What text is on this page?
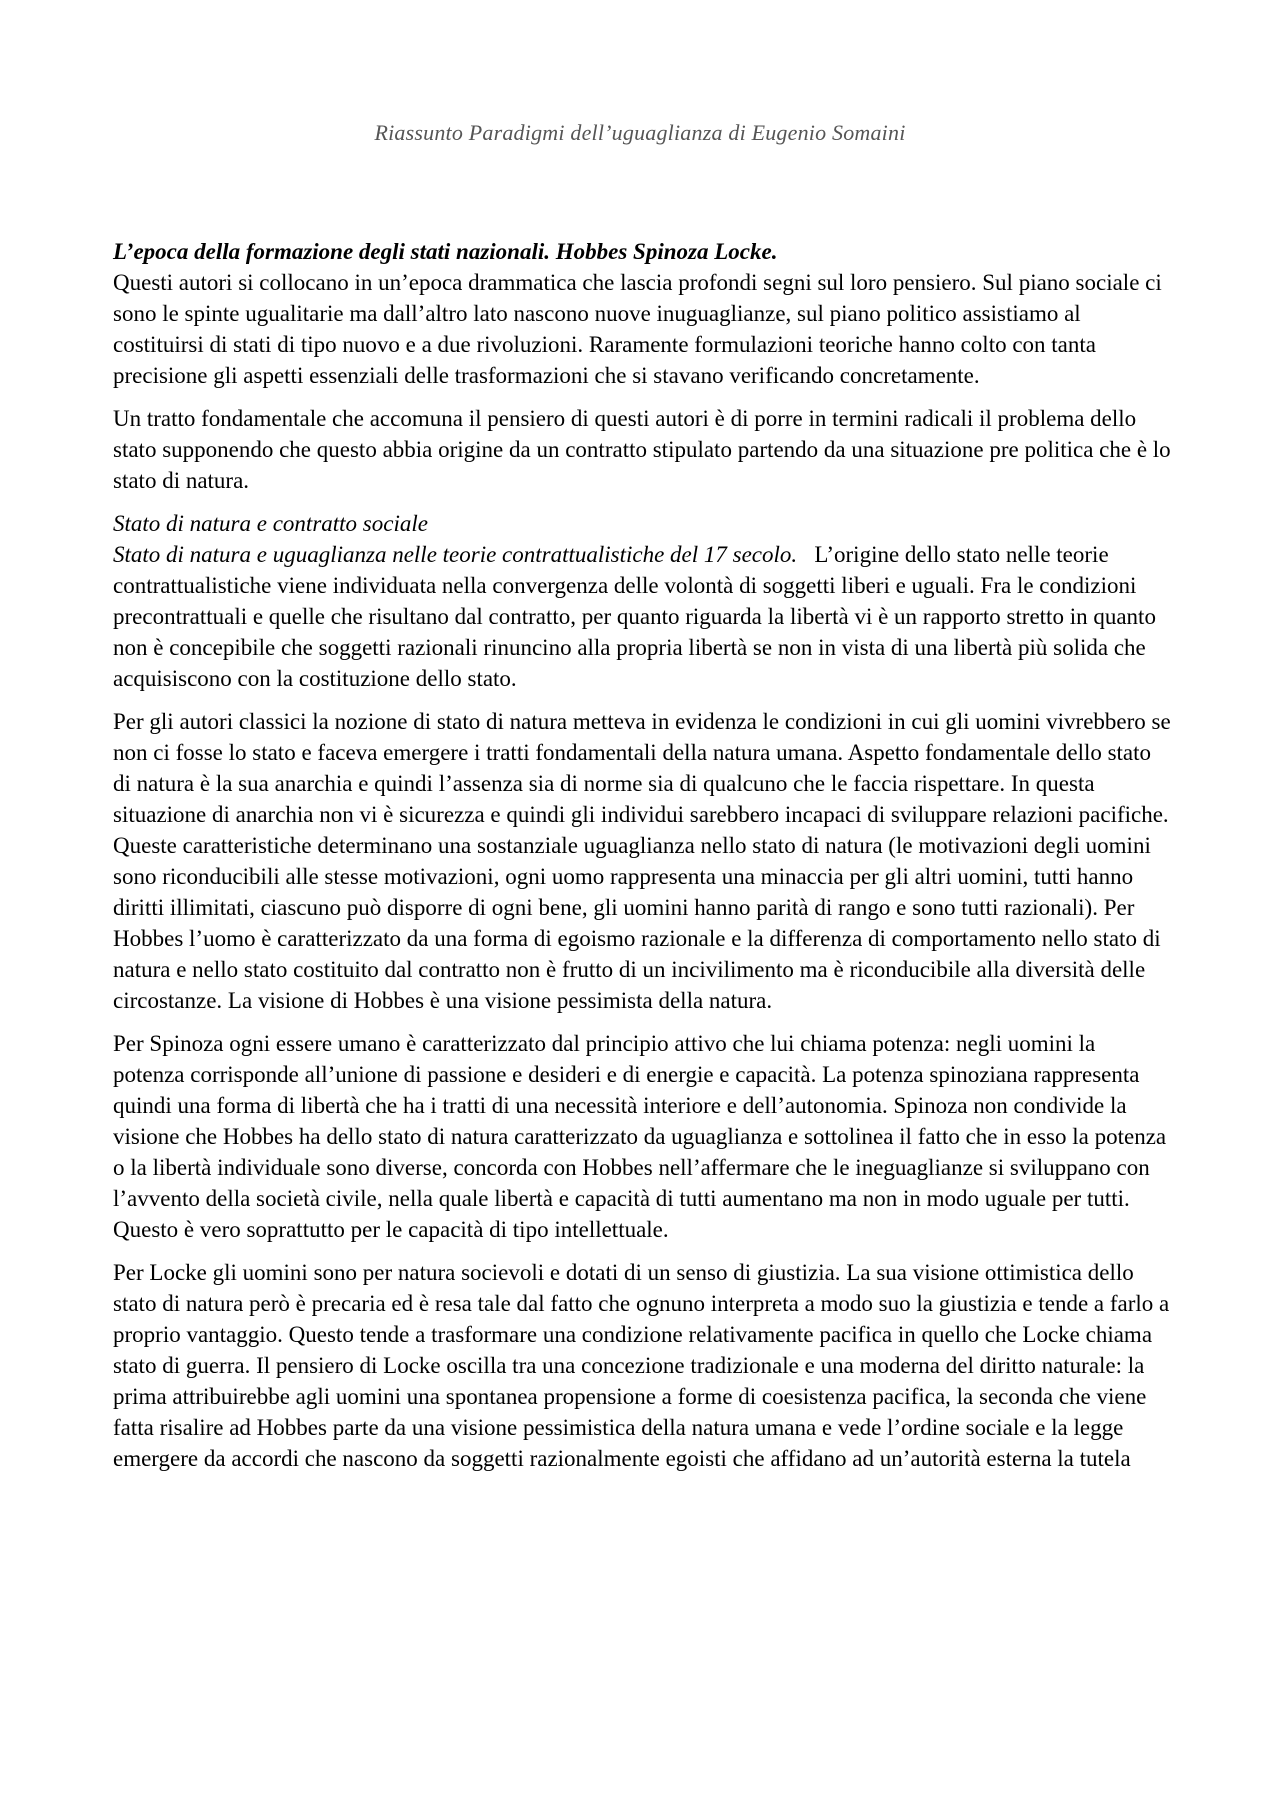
Riassunto Paradigmi dell’uguaglianza di Eugenio Somaini

L’epoca della formazione degli stati nazionali. Hobbes Spinoza Locke.
Questi autori si collocano in un’epoca drammatica che lascia profondi segni sul loro pensiero. Sul piano sociale ci sono le spinte ugualitarie ma dall’altro lato nascono nuove inuguaglianze, sul piano politico assistiamo al costituirsi di stati di tipo nuovo e a due rivoluzioni. Raramente formulazioni teoriche hanno colto con tanta precisione gli aspetti essenziali delle trasformazioni che si stavano verificando concretamente.

Un tratto fondamentale che accomuna il pensiero di questi autori è di porre in termini radicali il problema dello stato supponendo che questo abbia origine da un contratto stipulato partendo da una situazione pre politica che è lo stato di natura.

Stato di natura e contratto sociale
Stato di natura e uguaglianza nelle teorie contrattualistiche del 17 secolo.   L’origine dello stato nelle teorie contrattualistiche viene individuata nella convergenza delle volontà di soggetti liberi e uguali. Fra le condizioni precontrattuali e quelle che risultano dal contratto, per quanto riguarda la libertà vi è un rapporto stretto in quanto non è concepibile che soggetti razionali rinuncino alla propria libertà se non in vista di una libertà più solida che acquisiscono con la costituzione dello stato.

Per gli autori classici la nozione di stato di natura metteva in evidenza le condizioni in cui gli uomini vivrebbero se non ci fosse lo stato e faceva emergere i tratti fondamentali della natura umana. Aspetto fondamentale dello stato di natura è la sua anarchia e quindi l’assenza sia di norme sia di qualcuno che le faccia rispettare. In questa situazione di anarchia non vi è sicurezza e quindi gli individui sarebbero incapaci di sviluppare relazioni pacifiche. Queste caratteristiche determinano una sostanziale uguaglianza nello stato di natura (le motivazioni degli uomini sono riconducibili alle stesse motivazioni, ogni uomo rappresenta una minaccia per gli altri uomini, tutti hanno diritti illimitati, ciascuno può disporre di ogni bene, gli uomini hanno parità di rango e sono tutti razionali). Per Hobbes l’uomo è caratterizzato da una forma di egoismo razionale e la differenza di comportamento nello stato di natura e nello stato costituito dal contratto non è frutto di un incivilimento ma è riconducibile alla diversità delle circostanze. La visione di Hobbes è una visione pessimista della natura.

Per Spinoza ogni essere umano è caratterizzato dal principio attivo che lui chiama potenza: negli uomini la potenza corrisponde all’unione di passione e desideri e di energie e capacità. La potenza spinoziana rappresenta quindi una forma di libertà che ha i tratti di una necessità interiore e dell’autonomia. Spinoza non condivide la visione che Hobbes ha dello stato di natura caratterizzato da uguaglianza e sottolinea il fatto che in esso la potenza o la libertà individuale sono diverse, concorda con Hobbes nell’affermare che le ineguaglianze si sviluppano con l’avvento della società civile, nella quale libertà e capacità di tutti aumentano ma non in modo uguale per tutti. Questo è vero soprattutto per le capacità di tipo intellettuale.

Per Locke gli uomini sono per natura socievoli e dotati di un senso di giustizia. La sua visione ottimistica dello stato di natura però è precaria ed è resa tale dal fatto che ognuno interpreta a modo suo la giustizia e tende a farlo a proprio vantaggio. Questo tende a trasformare una condizione relativamente pacifica in quello che Locke chiama stato di guerra. Il pensiero di Locke oscilla tra una concezione tradizionale e una moderna del diritto naturale: la prima attribuirebbe agli uomini una spontanea propensione a forme di coesistenza pacifica, la seconda che viene fatta risalire ad Hobbes parte da una visione pessimistica della natura umana e vede l’ordine sociale e la legge emergere da accordi che nascono da soggetti razionalmente egoisti che affidano ad un’autorità esterna la tutela
